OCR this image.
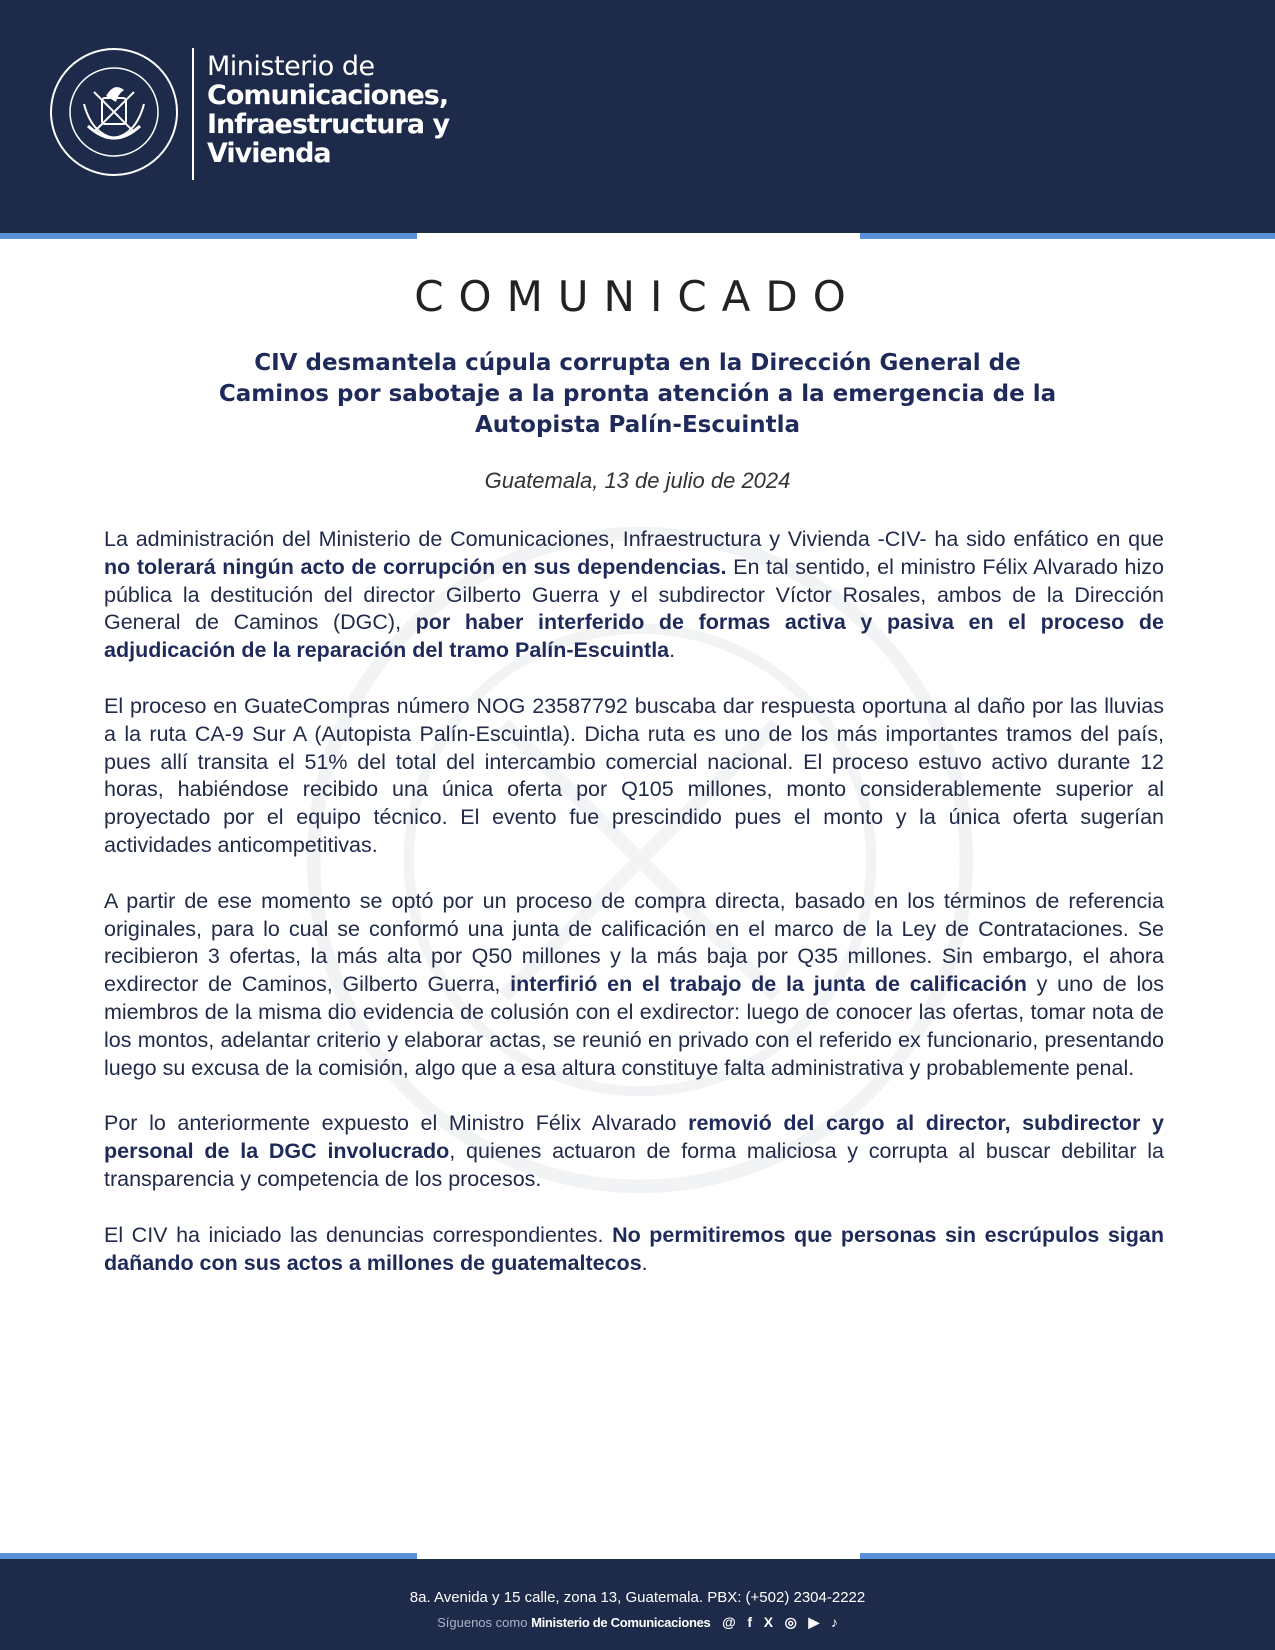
Ministerio de
Comunicaciones,
Infraestructura y
Vivienda
COMUNICADO
CIV desmantela cúpula corrupta en la Dirección General de
Caminos por sabotaje a la pronta atención a la emergencia de la
Autopista Palín-Escuintla
Guatemala, 13 de julio de 2024

La administración del Ministerio de Comunicaciones, Infraestructura y Vivienda -CIV- ha sido enfático en que no tolerará ningún acto de corrupción en sus dependencias. En tal sentido, el ministro Félix Alvarado hizo pública la destitución del director Gilberto Guerra y el subdirector Víctor Rosales, ambos de la Dirección General de Caminos (DGC), por haber interferido de formas activa y pasiva en el proceso de adjudicación de la reparación del tramo Palín-Escuintla.

El proceso en GuateCompras número NOG 23587792 buscaba dar respuesta oportuna al daño por las lluvias a la ruta CA-9 Sur A (Autopista Palín-Escuintla). Dicha ruta es uno de los más importantes tramos del país, pues allí transita el 51% del total del intercambio comercial nacional. El proceso estuvo activo durante 12 horas, habiéndose recibido una única oferta por Q105 millones, monto considerablemente superior al proyectado por el equipo técnico. El evento fue prescindido pues el monto y la única oferta sugerían actividades anticompetitivas.

A partir de ese momento se optó por un proceso de compra directa, basado en los términos de referencia originales, para lo cual se conformó una junta de calificación en el marco de la Ley de Contrataciones. Se recibieron 3 ofertas, la más alta por Q50 millones y la más baja por Q35 millones. Sin embargo, el ahora exdirector de Caminos, Gilberto Guerra, interfirió en el trabajo de la junta de calificación y uno de los miembros de la misma dio evidencia de colusión con el exdirector: luego de conocer las ofertas, tomar nota de los montos, adelantar criterio y elaborar actas, se reunió en privado con el referido ex funcionario, presentando luego su excusa de la comisión, algo que a esa altura constituye falta administrativa y probablemente penal.

Por lo anteriormente expuesto el Ministro Félix Alvarado removió del cargo al director, subdirector y personal de la DGC involucrado, quienes actuaron de forma maliciosa y corrupta al buscar debilitar la transparencia y competencia de los procesos.

El CIV ha iniciado las denuncias correspondientes. No permitiremos que personas sin escrúpulos sigan dañando con sus actos a millones de guatemaltecos.

8a. Avenida y 15 calle, zona 13, Guatemala. PBX: (+502) 2304-2222
Síguenos como Ministerio de Comunicaciones @ f X ◎ ▶ ♪
